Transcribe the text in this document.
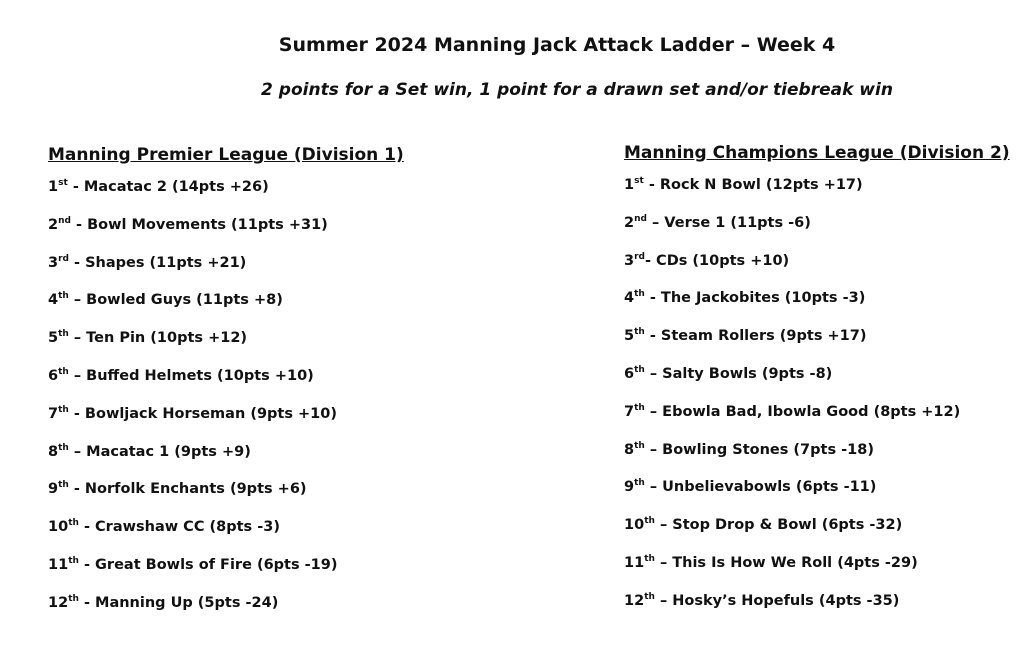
Summer 2024 Manning Jack Attack Ladder – Week 4
2 points for a Set win, 1 point for a drawn set and/or tiebreak win
Manning Premier League (Division 1)
1st - Macatac 2 (14pts +26)
2nd - Bowl Movements (11pts +31)
3rd - Shapes (11pts +21)
4th – Bowled Guys (11pts +8)
5th – Ten Pin (10pts +12)
6th – Buffed Helmets (10pts +10)
7th - Bowljack Horseman (9pts +10)
8th – Macatac 1 (9pts +9)
9th - Norfolk Enchants (9pts +6)
10th - Crawshaw CC (8pts -3)
11th - Great Bowls of Fire (6pts -19)
12th - Manning Up (5pts -24)
Manning Champions League (Division 2)
1st - Rock N Bowl (12pts +17)
2nd – Verse 1 (11pts -6)
3rd- CDs (10pts +10)
4th - The Jackobites (10pts -3)
5th - Steam Rollers (9pts +17)
6th – Salty Bowls (9pts -8)
7th – Ebowla Bad, Ibowla Good (8pts +12)
8th – Bowling Stones (7pts -18)
9th – Unbelievabowls (6pts -11)
10th – Stop Drop & Bowl (6pts -32)
11th – This Is How We Roll (4pts -29)
12th – Hosky’s Hopefuls (4pts -35)
